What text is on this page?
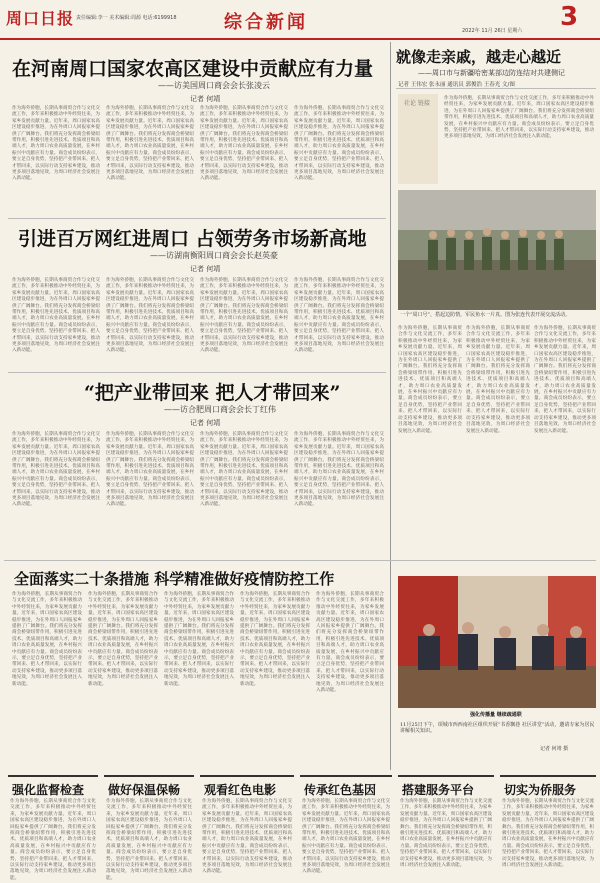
周口日报 责任编辑:李一 美术编辑:周源 电话:6199918	综合新闻	3
2022年 11月 26日 星期六
在河南周口国家农高区建设中贡献应有力量
——访美国周口商会会长张凌云
记者 何靖
作为海外侨胞，长期从事商贸合作与文化交流工作，多年来积极推动中外经贸往来，为家乡发展贡献力量。近年来，周口国家农高区建设稳步推进，为在外周口人回报家乡提供了广阔舞台。我们将充分发挥商会桥梁纽带作用，积极引进先进技术、优质项目和高端人才，助力周口农业高质量发展，在乡村振兴中贡献应有力量。商会成员纷纷表示，要立足自身优势，坚持把产业带回来、把人才带回来，以实际行动支持家乡建设，推动更多项目落地见效，为周口经济社会发展注入新动能。
作为海外侨胞，长期从事商贸合作与文化交流工作，多年来积极推动中外经贸往来，为家乡发展贡献力量。近年来，周口国家农高区建设稳步推进，为在外周口人回报家乡提供了广阔舞台。我们将充分发挥商会桥梁纽带作用，积极引进先进技术、优质项目和高端人才，助力周口农业高质量发展，在乡村振兴中贡献应有力量。商会成员纷纷表示，要立足自身优势，坚持把产业带回来、把人才带回来，以实际行动支持家乡建设，推动更多项目落地见效，为周口经济社会发展注入新动能。
作为海外侨胞，长期从事商贸合作与文化交流工作，多年来积极推动中外经贸往来，为家乡发展贡献力量。近年来，周口国家农高区建设稳步推进，为在外周口人回报家乡提供了广阔舞台。我们将充分发挥商会桥梁纽带作用，积极引进先进技术、优质项目和高端人才，助力周口农业高质量发展，在乡村振兴中贡献应有力量。商会成员纷纷表示，要立足自身优势，坚持把产业带回来、把人才带回来，以实际行动支持家乡建设，推动更多项目落地见效，为周口经济社会发展注入新动能。
作为海外侨胞，长期从事商贸合作与文化交流工作，多年来积极推动中外经贸往来，为家乡发展贡献力量。近年来，周口国家农高区建设稳步推进，为在外周口人回报家乡提供了广阔舞台。我们将充分发挥商会桥梁纽带作用，积极引进先进技术、优质项目和高端人才，助力周口农业高质量发展，在乡村振兴中贡献应有力量。商会成员纷纷表示，要立足自身优势，坚持把产业带回来、把人才带回来，以实际行动支持家乡建设，推动更多项目落地见效，为周口经济社会发展注入新动能。
引进百万网红进周口 占领劳务市场新高地
——访湖南衡阳周口商会会长赵英豪
记者 何靖
作为海外侨胞，长期从事商贸合作与文化交流工作，多年来积极推动中外经贸往来，为家乡发展贡献力量。近年来，周口国家农高区建设稳步推进，为在外周口人回报家乡提供了广阔舞台。我们将充分发挥商会桥梁纽带作用，积极引进先进技术、优质项目和高端人才，助力周口农业高质量发展，在乡村振兴中贡献应有力量。商会成员纷纷表示，要立足自身优势，坚持把产业带回来、把人才带回来，以实际行动支持家乡建设，推动更多项目落地见效，为周口经济社会发展注入新动能。
作为海外侨胞，长期从事商贸合作与文化交流工作，多年来积极推动中外经贸往来，为家乡发展贡献力量。近年来，周口国家农高区建设稳步推进，为在外周口人回报家乡提供了广阔舞台。我们将充分发挥商会桥梁纽带作用，积极引进先进技术、优质项目和高端人才，助力周口农业高质量发展，在乡村振兴中贡献应有力量。商会成员纷纷表示，要立足自身优势，坚持把产业带回来、把人才带回来，以实际行动支持家乡建设，推动更多项目落地见效，为周口经济社会发展注入新动能。
作为海外侨胞，长期从事商贸合作与文化交流工作，多年来积极推动中外经贸往来，为家乡发展贡献力量。近年来，周口国家农高区建设稳步推进，为在外周口人回报家乡提供了广阔舞台。我们将充分发挥商会桥梁纽带作用，积极引进先进技术、优质项目和高端人才，助力周口农业高质量发展，在乡村振兴中贡献应有力量。商会成员纷纷表示，要立足自身优势，坚持把产业带回来、把人才带回来，以实际行动支持家乡建设，推动更多项目落地见效，为周口经济社会发展注入新动能。
作为海外侨胞，长期从事商贸合作与文化交流工作，多年来积极推动中外经贸往来，为家乡发展贡献力量。近年来，周口国家农高区建设稳步推进，为在外周口人回报家乡提供了广阔舞台。我们将充分发挥商会桥梁纽带作用，积极引进先进技术、优质项目和高端人才，助力周口农业高质量发展，在乡村振兴中贡献应有力量。商会成员纷纷表示，要立足自身优势，坚持把产业带回来、把人才带回来，以实际行动支持家乡建设，推动更多项目落地见效，为周口经济社会发展注入新动能。
“把产业带回来 把人才带回来”
——访合肥周口商会会长丁红伟
记者 何靖
作为海外侨胞，长期从事商贸合作与文化交流工作，多年来积极推动中外经贸往来，为家乡发展贡献力量。近年来，周口国家农高区建设稳步推进，为在外周口人回报家乡提供了广阔舞台。我们将充分发挥商会桥梁纽带作用，积极引进先进技术、优质项目和高端人才，助力周口农业高质量发展，在乡村振兴中贡献应有力量。商会成员纷纷表示，要立足自身优势，坚持把产业带回来、把人才带回来，以实际行动支持家乡建设，推动更多项目落地见效，为周口经济社会发展注入新动能。
作为海外侨胞，长期从事商贸合作与文化交流工作，多年来积极推动中外经贸往来，为家乡发展贡献力量。近年来，周口国家农高区建设稳步推进，为在外周口人回报家乡提供了广阔舞台。我们将充分发挥商会桥梁纽带作用，积极引进先进技术、优质项目和高端人才，助力周口农业高质量发展，在乡村振兴中贡献应有力量。商会成员纷纷表示，要立足自身优势，坚持把产业带回来、把人才带回来，以实际行动支持家乡建设，推动更多项目落地见效，为周口经济社会发展注入新动能。
作为海外侨胞，长期从事商贸合作与文化交流工作，多年来积极推动中外经贸往来，为家乡发展贡献力量。近年来，周口国家农高区建设稳步推进，为在外周口人回报家乡提供了广阔舞台。我们将充分发挥商会桥梁纽带作用，积极引进先进技术、优质项目和高端人才，助力周口农业高质量发展，在乡村振兴中贡献应有力量。商会成员纷纷表示，要立足自身优势，坚持把产业带回来、把人才带回来，以实际行动支持家乡建设，推动更多项目落地见效，为周口经济社会发展注入新动能。
作为海外侨胞，长期从事商贸合作与文化交流工作，多年来积极推动中外经贸往来，为家乡发展贡献力量。近年来，周口国家农高区建设稳步推进，为在外周口人回报家乡提供了广阔舞台。我们将充分发挥商会桥梁纽带作用，积极引进先进技术、优质项目和高端人才，助力周口农业高质量发展，在乡村振兴中贡献应有力量。商会成员纷纷表示，要立足自身优势，坚持把产业带回来、把人才带回来，以实际行动支持家乡建设，推动更多项目落地见效，为周口经济社会发展注入新动能。
全面落实二十条措施 科学精准做好疫情防控工作
作为海外侨胞，长期从事商贸合作与文化交流工作，多年来积极推动中外经贸往来，为家乡发展贡献力量。近年来，周口国家农高区建设稳步推进，为在外周口人回报家乡提供了广阔舞台。我们将充分发挥商会桥梁纽带作用，积极引进先进技术、优质项目和高端人才，助力周口农业高质量发展，在乡村振兴中贡献应有力量。商会成员纷纷表示，要立足自身优势，坚持把产业带回来、把人才带回来，以实际行动支持家乡建设，推动更多项目落地见效，为周口经济社会发展注入新动能。
作为海外侨胞，长期从事商贸合作与文化交流工作，多年来积极推动中外经贸往来，为家乡发展贡献力量。近年来，周口国家农高区建设稳步推进，为在外周口人回报家乡提供了广阔舞台。我们将充分发挥商会桥梁纽带作用，积极引进先进技术、优质项目和高端人才，助力周口农业高质量发展，在乡村振兴中贡献应有力量。商会成员纷纷表示，要立足自身优势，坚持把产业带回来、把人才带回来，以实际行动支持家乡建设，推动更多项目落地见效，为周口经济社会发展注入新动能。
作为海外侨胞，长期从事商贸合作与文化交流工作，多年来积极推动中外经贸往来，为家乡发展贡献力量。近年来，周口国家农高区建设稳步推进，为在外周口人回报家乡提供了广阔舞台。我们将充分发挥商会桥梁纽带作用，积极引进先进技术、优质项目和高端人才，助力周口农业高质量发展，在乡村振兴中贡献应有力量。商会成员纷纷表示，要立足自身优势，坚持把产业带回来、把人才带回来，以实际行动支持家乡建设，推动更多项目落地见效，为周口经济社会发展注入新动能。
作为海外侨胞，长期从事商贸合作与文化交流工作，多年来积极推动中外经贸往来，为家乡发展贡献力量。近年来，周口国家农高区建设稳步推进，为在外周口人回报家乡提供了广阔舞台。我们将充分发挥商会桥梁纽带作用，积极引进先进技术、优质项目和高端人才，助力周口农业高质量发展，在乡村振兴中贡献应有力量。商会成员纷纷表示，要立足自身优势，坚持把产业带回来、把人才带回来，以实际行动支持家乡建设，推动更多项目落地见效，为周口经济社会发展注入新动能。
作为海外侨胞，长期从事商贸合作与文化交流工作，多年来积极推动中外经贸往来，为家乡发展贡献力量。近年来，周口国家农高区建设稳步推进，为在外周口人回报家乡提供了广阔舞台。我们将充分发挥商会桥梁纽带作用，积极引进先进技术、优质项目和高端人才，助力周口农业高质量发展，在乡村振兴中贡献应有力量。商会成员纷纷表示，要立足自身优势，坚持把产业带回来、把人才带回来，以实际行动支持家乡建设，推动更多项目落地见效，为周口经济社会发展注入新动能。
就像走亲戚，越走心越近
——周口市与新疆哈密某部边防连结对共建侧记
记者 王伟宏 张永丽 通讯员 郭俊浩 王春光 文/图
社论 链接
作为海外侨胞，长期从事商贸合作与文化交流工作，多年来积极推动中外经贸往来，为家乡发展贡献力量。近年来，周口国家农高区建设稳步推进，为在外周口人回报家乡提供了广阔舞台。我们将充分发挥商会桥梁纽带作用，积极引进先进技术、优质项目和高端人才，助力周口农业高质量发展，在乡村振兴中贡献应有力量。商会成员纷纷表示，要立足自身优势，坚持把产业带回来、把人才带回来，以实际行动支持家乡建设，推动更多项目落地见效，为周口经济社会发展注入新动能。
一个“周口号”，搭起边防情，军民鱼水一片真。图为张连代表开展交流活动。
作为海外侨胞，长期从事商贸合作与文化交流工作，多年来积极推动中外经贸往来，为家乡发展贡献力量。近年来，周口国家农高区建设稳步推进，为在外周口人回报家乡提供了广阔舞台。我们将充分发挥商会桥梁纽带作用，积极引进先进技术、优质项目和高端人才，助力周口农业高质量发展，在乡村振兴中贡献应有力量。商会成员纷纷表示，要立足自身优势，坚持把产业带回来、把人才带回来，以实际行动支持家乡建设，推动更多项目落地见效，为周口经济社会发展注入新动能。
作为海外侨胞，长期从事商贸合作与文化交流工作，多年来积极推动中外经贸往来，为家乡发展贡献力量。近年来，周口国家农高区建设稳步推进，为在外周口人回报家乡提供了广阔舞台。我们将充分发挥商会桥梁纽带作用，积极引进先进技术、优质项目和高端人才，助力周口农业高质量发展，在乡村振兴中贡献应有力量。商会成员纷纷表示，要立足自身优势，坚持把产业带回来、把人才带回来，以实际行动支持家乡建设，推动更多项目落地见效，为周口经济社会发展注入新动能。
作为海外侨胞，长期从事商贸合作与文化交流工作，多年来积极推动中外经贸往来，为家乡发展贡献力量。近年来，周口国家农高区建设稳步推进，为在外周口人回报家乡提供了广阔舞台。我们将充分发挥商会桥梁纽带作用，积极引进先进技术、优质项目和高端人才，助力周口农业高质量发展，在乡村振兴中贡献应有力量。商会成员纷纷表示，要立足自身优势，坚持把产业带回来、把人才带回来，以实际行动支持家乡建设，推动更多项目落地见效，为周口经济社会发展注入新动能。
强化传播量 继续疏通联
11月25日下午，项城市西西南社区组织开展“书香飘巷 社区讲堂”活动，邀请专家为居民讲解相关知识。
记者 何靖 摄
强化监督检查
作为海外侨胞，长期从事商贸合作与文化交流工作，多年来积极推动中外经贸往来，为家乡发展贡献力量。近年来，周口国家农高区建设稳步推进，为在外周口人回报家乡提供了广阔舞台。我们将充分发挥商会桥梁纽带作用，积极引进先进技术、优质项目和高端人才，助力周口农业高质量发展，在乡村振兴中贡献应有力量。商会成员纷纷表示，要立足自身优势，坚持把产业带回来、把人才带回来，以实际行动支持家乡建设，推动更多项目落地见效，为周口经济社会发展注入新动能。
做好保温保畅
作为海外侨胞，长期从事商贸合作与文化交流工作，多年来积极推动中外经贸往来，为家乡发展贡献力量。近年来，周口国家农高区建设稳步推进，为在外周口人回报家乡提供了广阔舞台。我们将充分发挥商会桥梁纽带作用，积极引进先进技术、优质项目和高端人才，助力周口农业高质量发展，在乡村振兴中贡献应有力量。商会成员纷纷表示，要立足自身优势，坚持把产业带回来、把人才带回来，以实际行动支持家乡建设，推动更多项目落地见效，为周口经济社会发展注入新动能。
观看红色电影
作为海外侨胞，长期从事商贸合作与文化交流工作，多年来积极推动中外经贸往来，为家乡发展贡献力量。近年来，周口国家农高区建设稳步推进，为在外周口人回报家乡提供了广阔舞台。我们将充分发挥商会桥梁纽带作用，积极引进先进技术、优质项目和高端人才，助力周口农业高质量发展，在乡村振兴中贡献应有力量。商会成员纷纷表示，要立足自身优势，坚持把产业带回来、把人才带回来，以实际行动支持家乡建设，推动更多项目落地见效，为周口经济社会发展注入新动能。
传承红色基因
作为海外侨胞，长期从事商贸合作与文化交流工作，多年来积极推动中外经贸往来，为家乡发展贡献力量。近年来，周口国家农高区建设稳步推进，为在外周口人回报家乡提供了广阔舞台。我们将充分发挥商会桥梁纽带作用，积极引进先进技术、优质项目和高端人才，助力周口农业高质量发展，在乡村振兴中贡献应有力量。商会成员纷纷表示，要立足自身优势，坚持把产业带回来、把人才带回来，以实际行动支持家乡建设，推动更多项目落地见效，为周口经济社会发展注入新动能。
搭建服务平台
作为海外侨胞，长期从事商贸合作与文化交流工作，多年来积极推动中外经贸往来，为家乡发展贡献力量。近年来，周口国家农高区建设稳步推进，为在外周口人回报家乡提供了广阔舞台。我们将充分发挥商会桥梁纽带作用，积极引进先进技术、优质项目和高端人才，助力周口农业高质量发展，在乡村振兴中贡献应有力量。商会成员纷纷表示，要立足自身优势，坚持把产业带回来、把人才带回来，以实际行动支持家乡建设，推动更多项目落地见效，为周口经济社会发展注入新动能。
切实为侨服务
作为海外侨胞，长期从事商贸合作与文化交流工作，多年来积极推动中外经贸往来，为家乡发展贡献力量。近年来，周口国家农高区建设稳步推进，为在外周口人回报家乡提供了广阔舞台。我们将充分发挥商会桥梁纽带作用，积极引进先进技术、优质项目和高端人才，助力周口农业高质量发展，在乡村振兴中贡献应有力量。商会成员纷纷表示，要立足自身优势，坚持把产业带回来、把人才带回来，以实际行动支持家乡建设，推动更多项目落地见效，为周口经济社会发展注入新动能。
